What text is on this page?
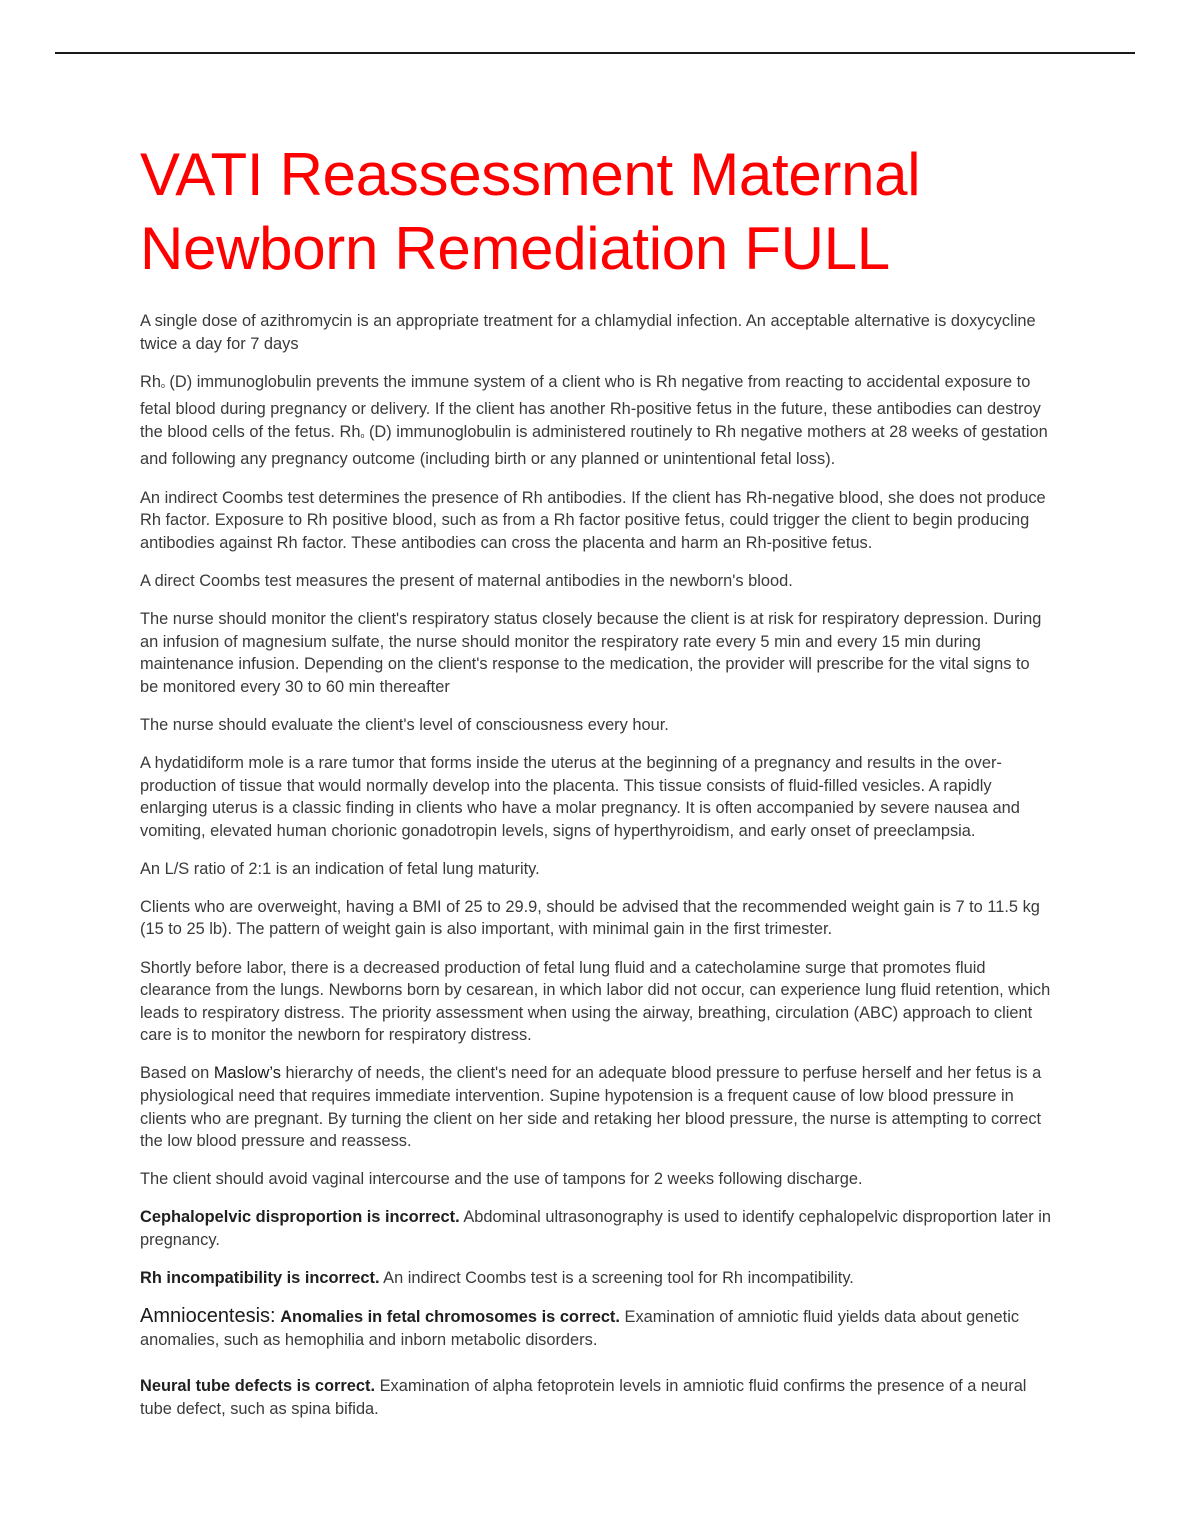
VATI Reassessment Maternal
Newborn Remediation FULL

A single dose of azithromycin is an appropriate treatment for a chlamydial infection. An acceptable alternative is doxycycline twice a day for 7 days

Rho (D) immunoglobulin prevents the immune system of a client who is Rh negative from reacting to accidental exposure to fetal blood during pregnancy or delivery. If the client has another Rh-positive fetus in the future, these antibodies can destroy the blood cells of the fetus. Rho (D) immunoglobulin is administered routinely to Rh negative mothers at 28 weeks of gestation and following any pregnancy outcome (including birth or any planned or unintentional fetal loss).

An indirect Coombs test determines the presence of Rh antibodies. If the client has Rh-negative blood, she does not produce Rh factor. Exposure to Rh positive blood, such as from a Rh factor positive fetus, could trigger the client to begin producing antibodies against Rh factor. These antibodies can cross the placenta and harm an Rh-positive fetus.

A direct Coombs test measures the present of maternal antibodies in the newborn's blood.

The nurse should monitor the client's respiratory status closely because the client is at risk for respiratory depression. During an infusion of magnesium sulfate, the nurse should monitor the respiratory rate every 5 min and every 15 min during maintenance infusion. Depending on the client's response to the medication, the provider will prescribe for the vital signs to be monitored every 30 to 60 min thereafter

The nurse should evaluate the client's level of consciousness every hour.

A hydatidiform mole is a rare tumor that forms inside the uterus at the beginning of a pregnancy and results in the over-production of tissue that would normally develop into the placenta. This tissue consists of fluid-filled vesicles. A rapidly enlarging uterus is a classic finding in clients who have a molar pregnancy. It is often accompanied by severe nausea and vomiting, elevated human chorionic gonadotropin levels, signs of hyperthyroidism, and early onset of preeclampsia.

An L/S ratio of 2:1 is an indication of fetal lung maturity.

Clients who are overweight, having a BMI of 25 to 29.9, should be advised that the recommended weight gain is 7 to 11.5 kg (15 to 25 lb). The pattern of weight gain is also important, with minimal gain in the first trimester.

Shortly before labor, there is a decreased production of fetal lung fluid and a catecholamine surge that promotes fluid clearance from the lungs. Newborns born by cesarean, in which labor did not occur, can experience lung fluid retention, which leads to respiratory distress. The priority assessment when using the airway, breathing, circulation (ABC) approach to client care is to monitor the newborn for respiratory distress.

Based on Maslow’s hierarchy of needs, the client's need for an adequate blood pressure to perfuse herself and her fetus is a physiological need that requires immediate intervention. Supine hypotension is a frequent cause of low blood pressure in clients who are pregnant. By turning the client on her side and retaking her blood pressure, the nurse is attempting to correct the low blood pressure and reassess.

The client should avoid vaginal intercourse and the use of tampons for 2 weeks following discharge.

Cephalopelvic disproportion is incorrect. Abdominal ultrasonography is used to identify cephalopelvic disproportion later in pregnancy.

Rh incompatibility is incorrect. An indirect Coombs test is a screening tool for Rh incompatibility.

Amniocentesis: Anomalies in fetal chromosomes is correct. Examination of amniotic fluid yields data about genetic anomalies, such as hemophilia and inborn metabolic disorders.

Neural tube defects is correct. Examination of alpha fetoprotein levels in amniotic fluid confirms the presence of a neural tube defect, such as spina bifida.
